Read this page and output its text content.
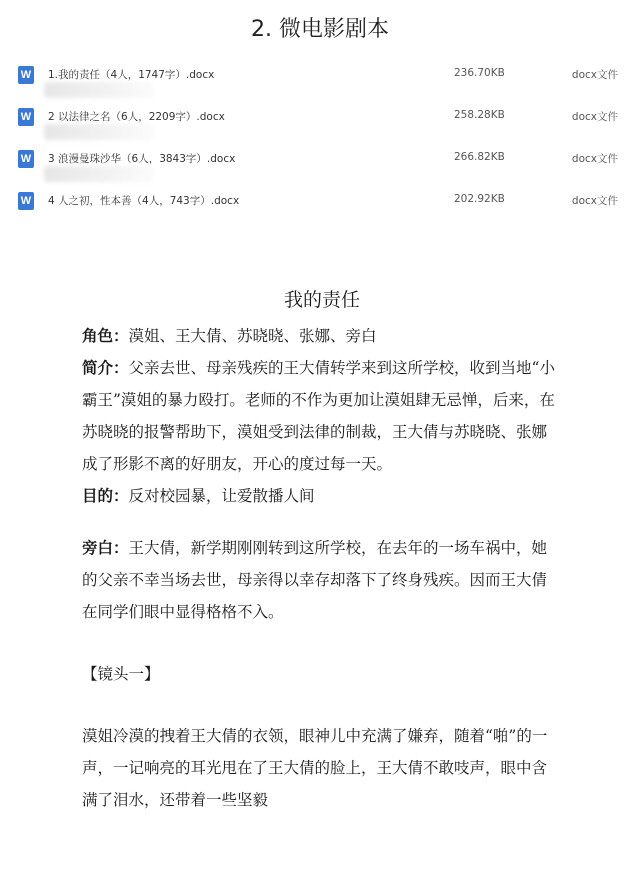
2. 微电影剧本
W 1.我的责任（4人，1747字）.docx	236.70KB	docx文件
W 2 以法律之名（6人，2209字）.docx	258.28KB	docx文件
W 3 浪漫曼珠沙华（6人，3843字）.docx	266.82KB	docx文件
W 4 人之初，性本善（4人，743字）.docx	202.92KB	docx文件
我的责任

角色：漠姐、王大倩、苏晓晓、张娜、旁白

简介：父亲去世、母亲残疾的王大倩转学来到这所学校，收到当地“小霸王”漠姐的暴力殴打。老师的不作为更加让漠姐肆无忌惮，后来，在苏晓晓的报警帮助下，漠姐受到法律的制裁，王大倩与苏晓晓、张娜成了形影不离的好朋友，开心的度过每一天。

目的：反对校园暴，让爱散播人间

旁白：王大倩，新学期刚刚转到这所学校，在去年的一场车祸中，她的父亲不幸当场去世，母亲得以幸存却落下了终身残疾。因而王大倩在同学们眼中显得格格不入。

【镜头一】

漠姐冷漠的拽着王大倩的衣领，眼神儿中充满了嫌弃，随着“啪”的一声，一记响亮的耳光甩在了王大倩的脸上，王大倩不敢吱声，眼中含满了泪水，还带着一些坚毅
